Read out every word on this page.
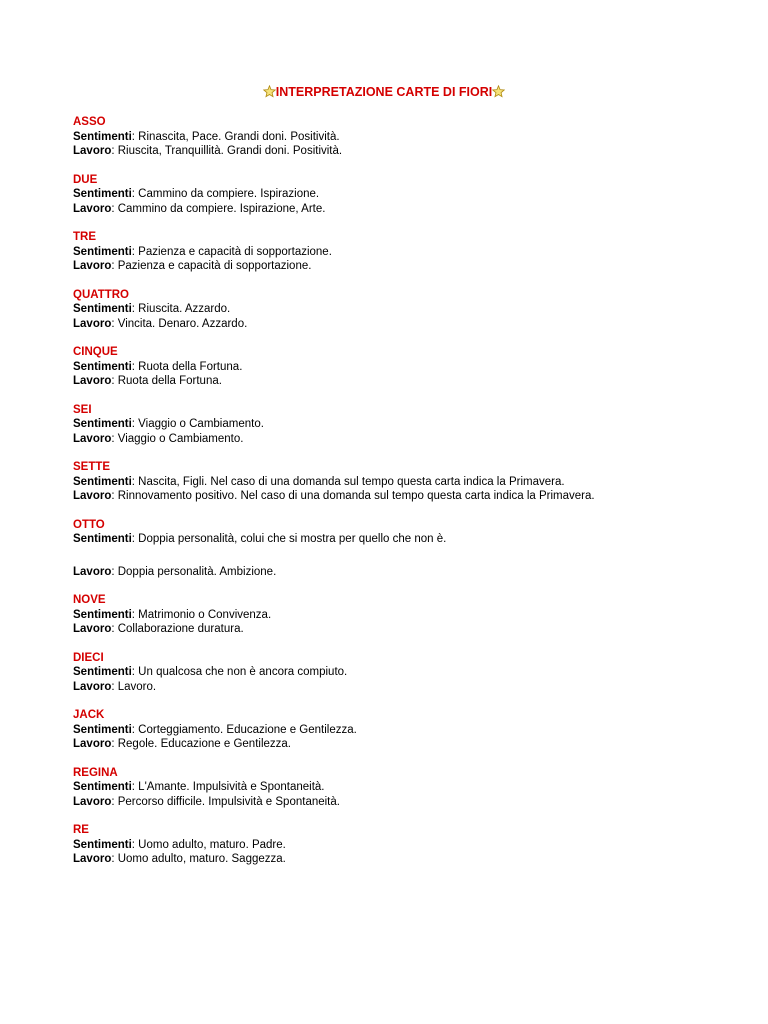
INTERPRETAZIONE CARTE DI FIORI
ASSO
Sentimenti: Rinascita, Pace. Grandi doni. Positività.
Lavoro: Riuscita, Tranquillità. Grandi doni. Positività.
DUE
Sentimenti: Cammino da compiere. Ispirazione.
Lavoro: Cammino da compiere. Ispirazione, Arte.
TRE
Sentimenti: Pazienza e capacità di sopportazione.
Lavoro: Pazienza e capacità di sopportazione.
QUATTRO
Sentimenti: Riuscita. Azzardo.
Lavoro: Vincita. Denaro. Azzardo.
CINQUE
Sentimenti: Ruota della Fortuna.
Lavoro: Ruota della Fortuna.
SEI
Sentimenti: Viaggio o Cambiamento.
Lavoro: Viaggio o Cambiamento.
SETTE
Sentimenti: Nascita, Figli. Nel caso di una domanda sul tempo questa carta indica la Primavera.
Lavoro: Rinnovamento positivo. Nel caso di una domanda sul tempo questa carta indica la Primavera.
OTTO
Sentimenti: Doppia personalità, colui che si mostra per quello che non è.
Lavoro: Doppia personalità. Ambizione.
NOVE
Sentimenti: Matrimonio o Convivenza.
Lavoro: Collaborazione duratura.
DIECI
Sentimenti: Un qualcosa che non è ancora compiuto.
Lavoro: Lavoro.
JACK
Sentimenti: Corteggiamento. Educazione e Gentilezza.
Lavoro: Regole. Educazione e Gentilezza.
REGINA
Sentimenti: L'Amante. Impulsività e Spontaneità.
Lavoro: Percorso difficile. Impulsività e Spontaneità.
RE
Sentimenti: Uomo adulto, maturo. Padre.
Lavoro: Uomo adulto, maturo. Saggezza.
